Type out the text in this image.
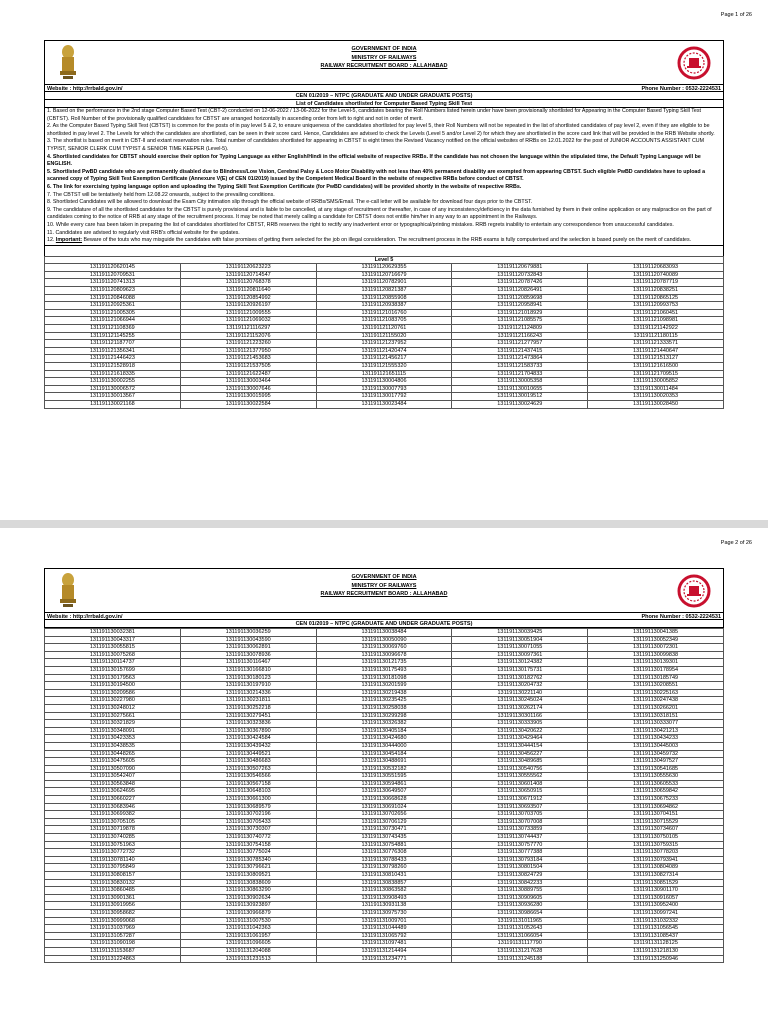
Page 1 of 26
GOVERNMENT OF INDIA
MINISTRY OF RAILWAYS
RAILWAY RECRUITMENT BOARD : ALLAHABAD
Website : http://rrbald.gov.in/	Phone Number : 0532-2224531
CEN 01/2019 – NTPC (GRADUATE AND UNDER GRADUATE POSTS)
List of Candidates shortlisted for Computer Based Typing Skill Test

1. Based on the performance in the 2nd stage Computer Based Test (CBT-2) conducted on 12-06-2022 / 13-06-2022 for the Level-5, candidates bearing the Roll Numbers listed herein under have been provisionally shortlisted for Appearing in the Computer Based Typing Skill Test (CBTST). Roll Number of the provisionally qualified candidates for CBTST are arranged horizontally in ascending order from left to right and not in order of merit.

2. As the Computer Based Typing Skill Test (CBTST) is common for the posts of in pay level 5 & 2, to ensure uniqueness of the candidates shortlisted for pay level 5, their Roll Numbers will not be repeated in the list of shortlisted candidates of pay level 2, even if they are eligible to be shortlisted in pay level 2. The Levels for which the candidates are shortlisted, can be seen in their score card. Hence, Candidates are advised to check the Levels (Level 5 and/or Level 2) for which they are shortlisted in the score card link that will be provided in the RRB Website shortly.

3. The shortlist is based on merit in CBT-II and extant reservation rules. Total number of candidates shortlisted for appearing in CBTST is eight times the Revised Vacancy notified on the official websites of RRBs on 12.01.2022 for the post of JUNIOR ACCOUNTS ASSISTANT CUM TYPIST, SENIOR CLERK CUM TYPIST & SENIOR TIME KEEPER (Level-5).

4. Shortlisted candidates for CBTST should exercise their option for Typing Language as either English/Hindi in the official website of respective RRBs. If the candidate has not chosen the language within the stipulated time, the Default Typing Language will be ENGLISH.

5. Shortlisted PwBD candidate who are permanently disabled due to Blindness/Low Vision, Cerebral Palsy & Loco Motor Disability with not less than 40% permanent disability are exempted from appearing CBTST. Such eligible PwBD candidates have to upload a scanned copy of Typing Skill Test Exemption Certificate (Annexure V(E) of CEN 01/2019) issued by the Competent Medical Board in the website of respective RRBs before conduct of CBTST.

6. The link for exercising typing language option and uploading the Typing Skill Test Exemption Certificate (for PwBD candidates) will be provided shortly in the website of respective RRBs.

7. The CBTST will be tentatively held from 12.08.22 onwards, subject to the prevailing conditions.

8. Shortlisted Candidates will be allowed to download the Exam City intimation slip through the official website of RRBs/SMS/Email. The e-call letter will be available for download four days prior to the CBTST.

9. The candidature of all the shortlisted candidates for the CBTST is purely provisional and is liable to be cancelled, at any stage of recruitment or thereafter, in case of any inconsistency/deficiency in the data furnished by them in their online application or any malpractice on the part of candidates coming to the notice of RRB at any stage of the recruitment process. It may be noted that merely calling a candidate for CBTST does not entitle him/her in any way to an appointment in the Railways.

10. While every care has been taken in preparing the list of candidates shortlisted for CBTST, RRB reserves the right to rectify any inadvertent error or typographical/printing mistakes. RRB regrets inability to entertain any correspondence from unsuccessful candidates.

11. Candidates are advised to regularly visit RRB's official website for the updates.

12. Important: Beware of the touts who may misguide the candidates with false promises of getting them selected for the job on illegal consideration. The recruitment process in the RRB exams is fully computerised and the selection is based purely on the merit of candidates.

Level 5				
131191120620145	131191120623223	131191120629355	131191120679881	131191120683093
131191120709531	131191120714547	131191120716679	131191120732843	131191120740089
131191120741313	131191120768378	131191120782901	131191120787426	131191120787719
131191120809623	131191120811640	131191120821387	131191120826491	131191120838251
131191120846088	131191120854992	131191120855908	131191120859698	131191120865125
131191120925361	131191120926197	131191120938387	131191120958941	131191120993753
131191121005305	131191121009555	131191121016760	131191121018929	131191121060451
131191121066944	131191121069032	131191121083705	131191121085575	131191121098981
131191121108369	131191121116297	131191121120761	131191121124809	131191121142922
131191121145255	131191121152076	131191121155020	131191121166243	131191121180115
131191121187707	131191121223260	131191121237952	131191121277957	131191121333571
131191121356341	131191121377950	131191121420474	131191121437415	131191121440647
131191121446423	131191121453683	131191121456217	131191121473864	131191121513127
131191121528918	131191121537505	131191121555320	131191121583733	131191121616500
131191121618335	131191121622487	131191121651115	131191121704833	131191121709515
131191130002255	131191130003464	131191130004806	131191130005358	131191130005852
131191130006572	131191130007646	131191130007793	131191130010655	131191130011484
131191130013567	131191130015995	131191130017792	131191130019512	131191130020353
131191130021168	131191130022584	131191130023484	131191130024629	131191130028450
Page 2 of 26
GOVERNMENT OF INDIA
MINISTRY OF RAILWAYS
RAILWAY RECRUITMENT BOARD : ALLAHABAD
Website : http://rrbald.gov.in/	Phone Number : 0532-2224531
CEN 01/2019 – NTPC (GRADUATE AND UNDER GRADUATE POSTS)
131191130032381	131191130036259	131191130038484	131191130039425	131191130041385
131191130043317	131191130043590	131191130050090	131191130051904	131191130052349
131191130055815	131191130062891	131191130069760	131191130071055	131191130072301
131191130075268	131191130078936	131191130096678	131191130097361	131191130099838
131191130114737	131191130116467	131191130121735	131191130124382	131191130139301
131191130157699	131191130166810	131191130175493	131191130175731	131191130178954
131191130179563	131191130180123	131191130181098	131191130182762	131191130185749
131191130194500	131191130197910	131191130201599	131191130204732	131191130208551
131191130209586	131191130214336	131191130219438	131191130221140	131191130225163
131191130227980	131191130231811	131191130235425	131191130245024	131191130247438
131191130248012	131191130252218	131191130258038	131191130262174	131191130266201
131191130275661	131191130279451	131191130299298	131191130301166	131191130318151
131191130321829	131191130323836	131191130326382	131191130333905	131191130333077
131191130348091	131191130367890	131191130405184	131191130420622	131191130421213
131191130423353	131191130424584	131191130424680	131191130429464	131191130434233
131191130438535	131191130439432	131191130444000	131191130444154	131191130445003
131191130448265	131191130449521	131191130454184	131191130456227	131191130459732
131191130475605	131191130486683	131191130488691	131191130489685	131191130497527
131191130507090	131191130507263	131191130532182	131191130540756	131191130541685
131191130542407	131191130546566	131191130551595	131191130555562	131191130555630
131191130563848	131191130567158	131191130594861	131191130601408	131191130605533
131191130624695	131191130648103	131191130649507	131191130650915	131191130659842
131191130660227	131191130661300	131191130668628	131191130671912	131191130675233
131191130683946	131191130689579	131191130691024	131191130693507	131191130694862
131191130699382	131191130702196	131191130702656	131191130703705	131191130704151
131191130705105	131191130705433	131191130706129	131191130707008	131191130715529
131191130719878	131191130730307	131191130730471	131191130733859	131191130734607
131191130740285	131191130740772	131191130743435	131191130744437	131191130750105
131191130751963	131191130754158	131191130754881	131191130757770	131191130759315
131191130772732	131191130775024	131191130776308	131191130777388	131191130778203
131191130781140	131191130785340	131191130788433	131191130793184	131191130793941
131191130795849	131191130796621	131191130798260	131191130801504	131191130804089
131191130808157	131191130809521	131191130810431	131191130824729	131191130827314
131191130830132	131191130838609	131191130838857	131191130842233	131191130851529
131191130860485	131191130863290	131191130863582	131191130889755	131191130901170
131191130901361	131191130902634	131191130908493	131191130909605	131191130916057
131191130919956	131191130923897	131191130931138	131191130936280	131191130952400
131191130958682	131191130966879	131191130975730	131191130986654	131191130997241
131191130999068	131191131007530	131191131009701	131191131011965	131191131032332
131191131037969	131191131042363	131191131044489	131191131052643	131191131056545
131191131057287	131191131061957	131191131065792	131191131066054	131191131085437
131191131090198	131191131096605	131191131097481	131191131117790	131191131128125
131191131153687	131191131204088	131191131214494	131191131217628	131191131218130
131191131224863	131191131231513	131191131234771	131191131245188	131191131250946
